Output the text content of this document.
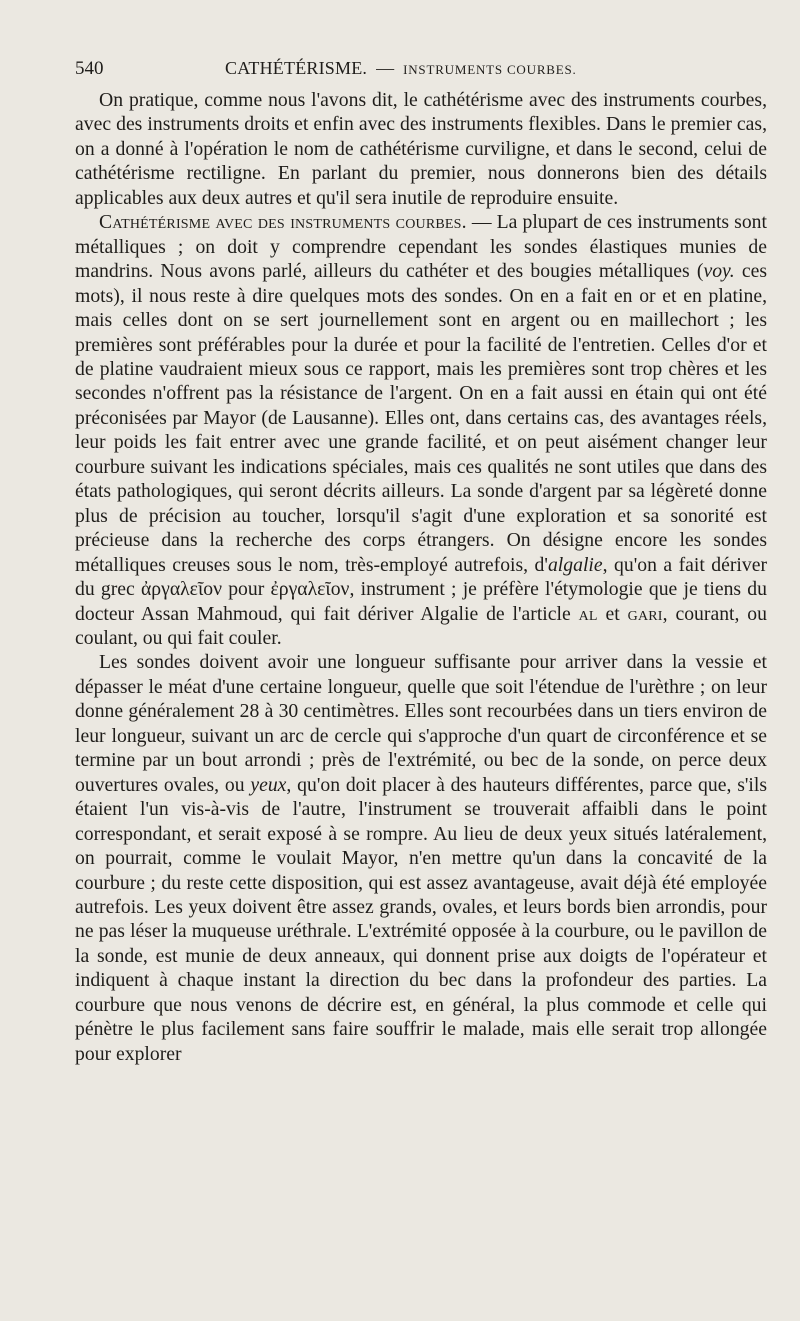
540	CATHÉTÉRISME. — INSTRUMENTS COURBES.

On pratique, comme nous l'avons dit, le cathétérisme avec des instruments courbes, avec des instruments droits et enfin avec des instruments flexibles. Dans le premier cas, on a donné à l'opération le nom de cathétérisme curviligne, et dans le second, celui de cathétérisme rectiligne. En parlant du premier, nous donnerons bien des détails applicables aux deux autres et qu'il sera inutile de reproduire ensuite.

Cathétérisme avec des instruments courbes. — La plupart de ces instruments sont métalliques ; on doit y comprendre cependant les sondes élastiques munies de mandrins. Nous avons parlé, ailleurs du cathéter et des bougies métalliques (voy. ces mots), il nous reste à dire quelques mots des sondes. On en a fait en or et en platine, mais celles dont on se sert journellement sont en argent ou en maillechort ; les premières sont préférables pour la durée et pour la facilité de l'entretien. Celles d'or et de platine vaudraient mieux sous ce rapport, mais les premières sont trop chères et les secondes n'offrent pas la résistance de l'argent. On en a fait aussi en étain qui ont été préconisées par Mayor (de Lausanne). Elles ont, dans certains cas, des avantages réels, leur poids les fait entrer avec une grande facilité, et on peut aisément changer leur courbure suivant les indications spéciales, mais ces qualités ne sont utiles que dans des états pathologiques, qui seront décrits ailleurs. La sonde d'argent par sa légèreté donne plus de précision au toucher, lorsqu'il s'agit d'une exploration et sa sonorité est précieuse dans la recherche des corps étrangers. On désigne encore les sondes métalliques creuses sous le nom, très-employé autrefois, d'algalie, qu'on a fait dériver du grec ἀργαλεῖον pour ἐργαλεῖον, instrument ; je préfère l'étymologie que je tiens du docteur Assan Mahmoud, qui fait dériver Algalie de l'article al et gari, courant, ou coulant, ou qui fait couler.

Les sondes doivent avoir une longueur suffisante pour arriver dans la vessie et dépasser le méat d'une certaine longueur, quelle que soit l'étendue de l'urèthre ; on leur donne généralement 28 à 30 centimètres. Elles sont recourbées dans un tiers environ de leur longueur, suivant un arc de cercle qui s'approche d'un quart de circonférence et se termine par un bout arrondi ; près de l'extrémité, ou bec de la sonde, on perce deux ouvertures ovales, ou yeux, qu'on doit placer à des hauteurs différentes, parce que, s'ils étaient l'un vis-à-vis de l'autre, l'instrument se trouverait affaibli dans le point correspondant, et serait exposé à se rompre. Au lieu de deux yeux situés latéralement, on pourrait, comme le voulait Mayor, n'en mettre qu'un dans la concavité de la courbure ; du reste cette disposition, qui est assez avantageuse, avait déjà été employée autrefois. Les yeux doivent être assez grands, ovales, et leurs bords bien arrondis, pour ne pas léser la muqueuse uréthrale. L'extrémité opposée à la courbure, ou le pavillon de la sonde, est munie de deux anneaux, qui donnent prise aux doigts de l'opérateur et indiquent à chaque instant la direction du bec dans la profondeur des parties. La courbure que nous venons de décrire est, en général, la plus commode et celle qui pénètre le plus facilement sans faire souffrir le malade, mais elle serait trop allongée pour explorer
